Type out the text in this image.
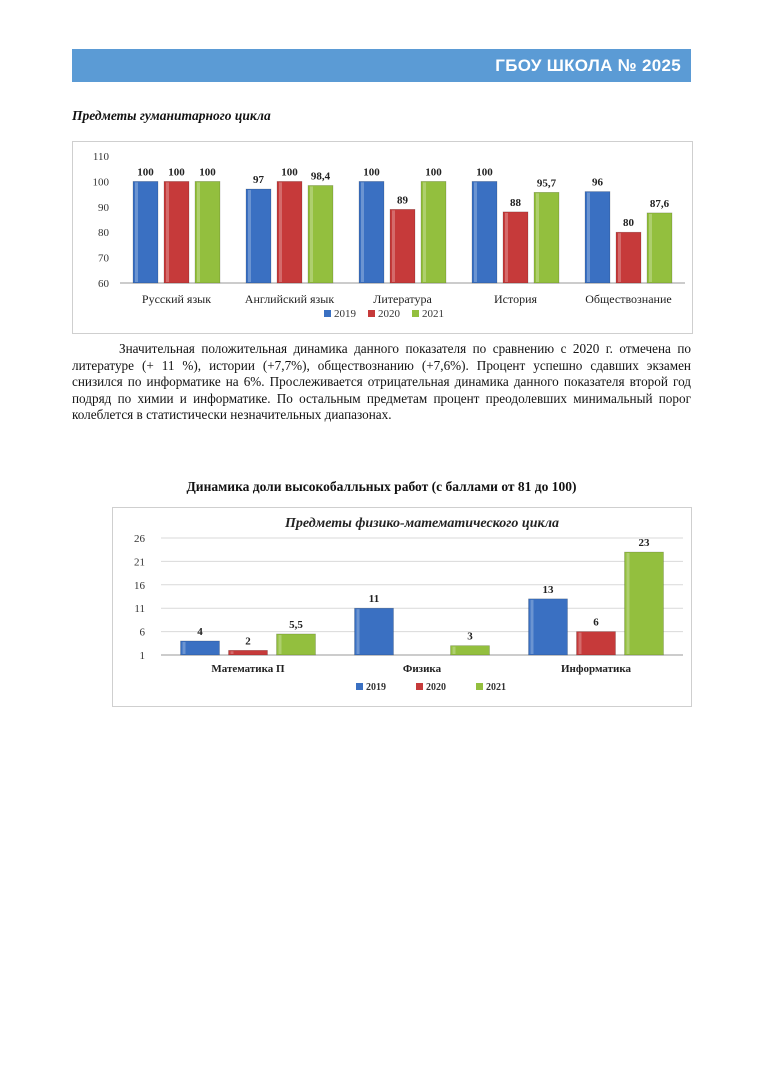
ГБОУ ШКОЛА № 2025
Предметы гуманитарного цикла
60
70
80
90
100
110
100 100 100
Русский язык
97
100 98,4
Английский язык
100
89
100
Литература
100
88
95,7
История
96
80
87,6
Обществознание
2019 2020 2021

Значительная положительная динамика данного показателя по сравнению с 2020 г. отмечена по литературе (+ 11 %), истории (+7,7%), обществознанию (+7,6%). Процент успешно сдавших экзамен снизился по информатике на 6%. Прослеживается отрицательная динамика данного показателя второй год подряд по химии и информатике. По остальным предметам процент преодолевших минимальный порог колеблется в статистически незначительных диапазонах.

Динамика доли высокобалльных работ (с баллами от 81 до 100)
Предметы физико-математического цикла
1
6
11
16
21
26
4
2
5,5
Математика П
11
3
Физика
13
6
23
Информатика
2019	2020	2021
